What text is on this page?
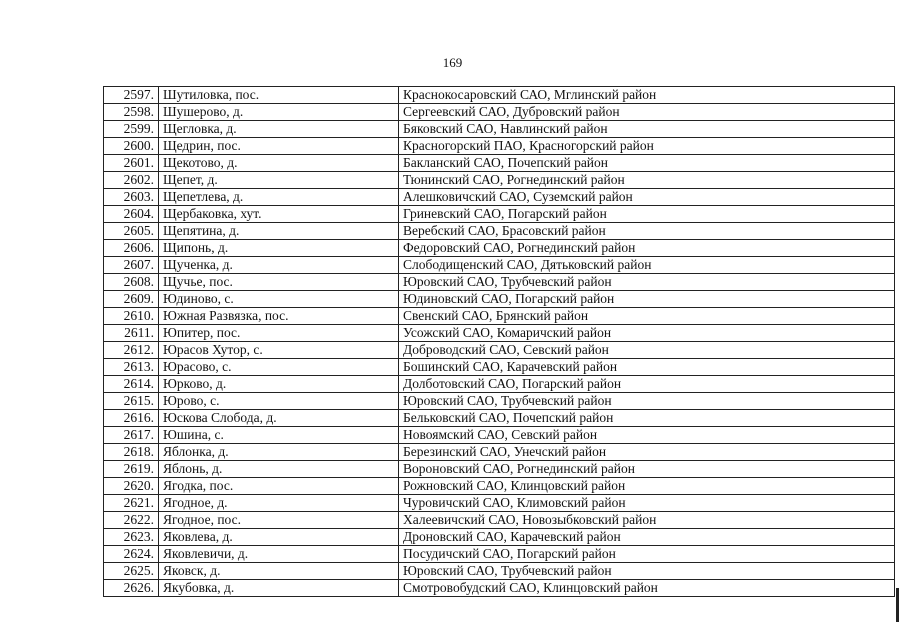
169
2597.	Шутиловка, пос.	Краснокосаровский САО, Мглинский район
2598.	Шушерово, д.	Сергеевский САО, Дубровский район
2599.	Щегловка, д.	Бяковский САО, Навлинский район
2600.	Щедрин, пос.	Красногорский ПАО, Красногорский район
2601.	Щекотово, д.	Бакланский САО, Почепский район
2602.	Щепет, д.	Тюнинский САО, Рогнединский район
2603.	Щепетлева, д.	Алешковичский САО, Суземский район
2604.	Щербаковка, хут.	Гриневский САО, Погарский район
2605.	Щепятина, д.	Веребский САО, Брасовский район
2606.	Щипонь, д.	Федоровский САО, Рогнединский район
2607.	Щученка, д.	Слободищенский САО, Дятьковский район
2608.	Щучье, пос.	Юровский САО, Трубчевский район
2609.	Юдиново, с.	Юдиновский САО, Погарский район
2610.	Южная Развязка, пос.	Свенский САО, Брянский район
2611.	Юпитер, пос.	Усожский САО, Комаричский район
2612.	Юрасов Хутор, с.	Доброводский САО, Севский район
2613.	Юрасово, с.	Бошинский САО, Карачевский район
2614.	Юрково, д.	Долботовский САО, Погарский район
2615.	Юрово, с.	Юровский САО, Трубчевский район
2616.	Юскова Слобода, д.	Бельковский САО, Почепский район
2617.	Юшина, с.	Новоямский САО, Севский район
2618.	Яблонка, д.	Березинский САО, Унечский район
2619.	Яблонь, д.	Вороновский САО, Рогнединский район
2620.	Ягодка, пос.	Рожновский САО, Клинцовский район
2621.	Ягодное, д.	Чуровичский САО, Климовский район
2622.	Ягодное, пос.	Халеевичский САО, Новозыбковский район
2623.	Яковлева, д.	Дроновский САО, Карачевский район
2624.	Яковлевичи, д.	Посудичский САО, Погарский район
2625.	Яковск, д.	Юровский САО, Трубчевский район
2626.	Якубовка, д.	Смотровобудский САО, Клинцовский район
